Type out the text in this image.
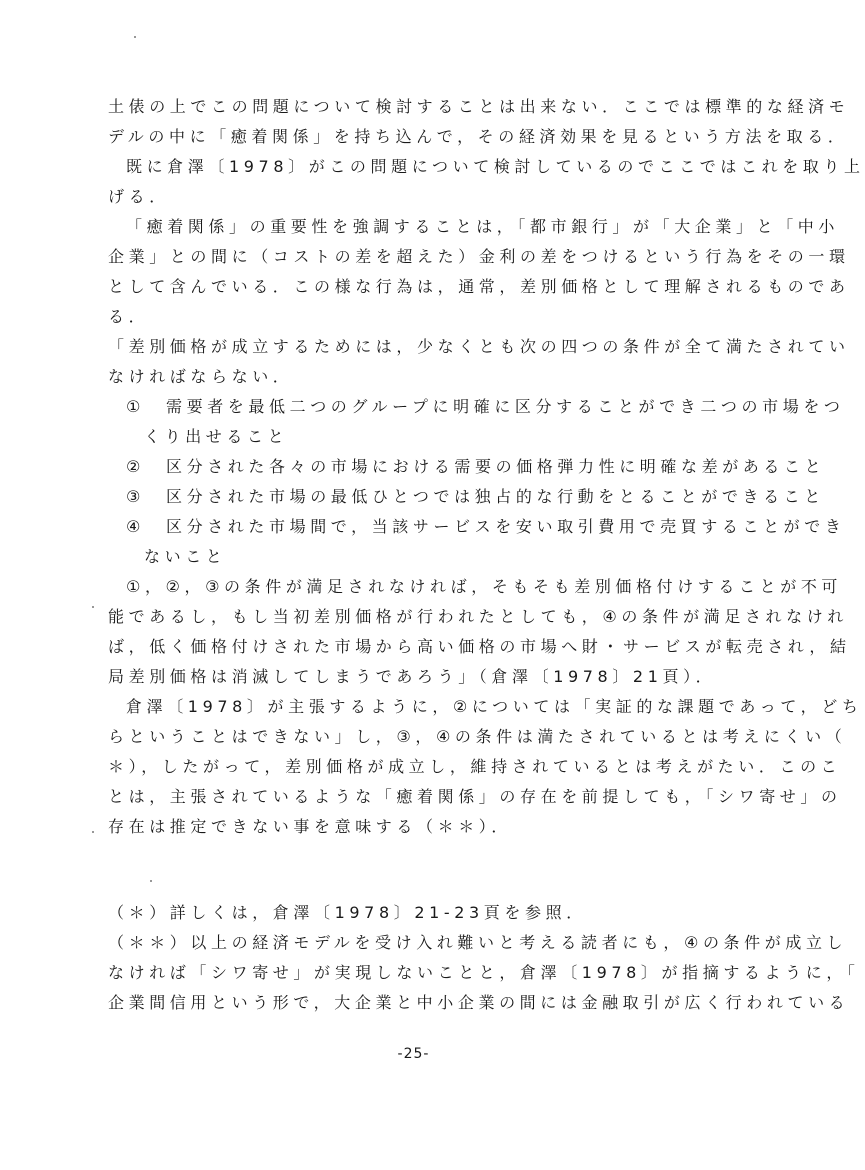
土俵の上でこの問題について検討することは出来ない．ここでは標準的な経済モ
デルの中に「癒着関係」を持ち込んで，その経済効果を見るという方法を取る．
既に倉澤〔1978〕がこの問題について検討しているのでここではこれを取り上
げる．
「癒着関係」の重要性を強調することは，「都市銀行」が「大企業」と「中小
企業」との間に（コストの差を超えた）金利の差をつけるという行為をその一環
として含んでいる．この様な行為は，通常，差別価格として理解されるものであ
る．
「差別価格が成立するためには，少なくとも次の四つの条件が全て満たされてい
なければならない．
① 需要者を最低二つのグループに明確に区分することができ二つの市場をつ
くり出せること
② 区分された各々の市場における需要の価格弾力性に明確な差があること
③ 区分された市場の最低ひとつでは独占的な行動をとることができること
④ 区分された市場間で，当該サービスを安い取引費用で売買することができ
ないこと
①，②，③の条件が満足されなければ，そもそも差別価格付けすることが不可
能であるし，もし当初差別価格が行われたとしても，④の条件が満足されなけれ
ば，低く価格付けされた市場から高い価格の市場へ財・サービスが転売され，結
局差別価格は消滅してしまうであろう」（倉澤〔1978〕21頁）．
倉澤〔1978〕が主張するように，②については「実証的な課題であって，どち
らということはできない」し，③，④の条件は満たされているとは考えにくい（
＊），したがって，差別価格が成立し，維持されているとは考えがたい．このこ
とは，主張されているような「癒着関係」の存在を前提しても，「シワ寄せ」の
存在は推定できない事を意味する（＊＊）．
（＊）詳しくは，倉澤〔1978〕21-23頁を参照．
（＊＊）以上の経済モデルを受け入れ難いと考える読者にも，④の条件が成立し
なければ「シワ寄せ」が実現しないことと，倉澤〔1978〕が指摘するように，「
企業間信用という形で，大企業と中小企業の間には金融取引が広く行われている
-25-
